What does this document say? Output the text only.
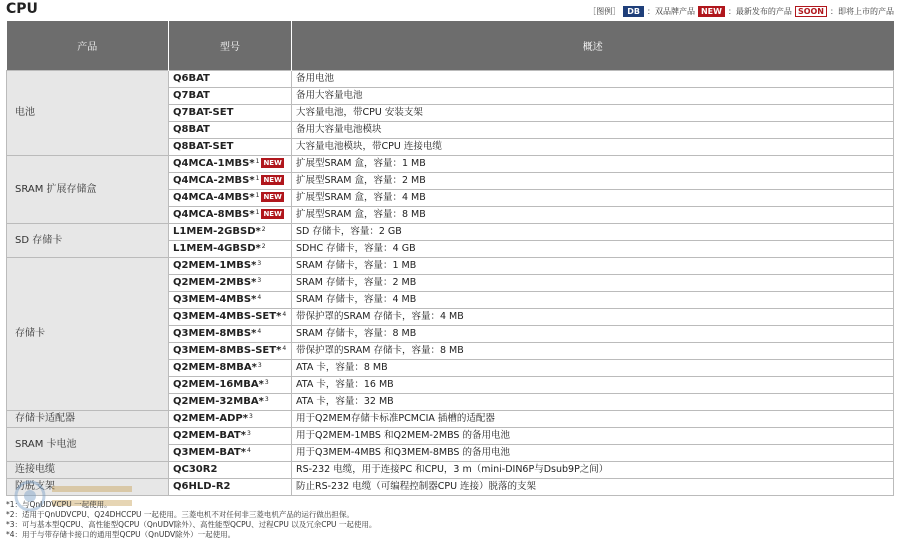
CPU	［图例］ DB ：双品牌产品 NEW ：最新发布的产品 SOON ：即将上市的产品
产品	型号	概述
电池	Q6BAT	备用电池
	Q7BAT	备用大容量电池
	Q7BAT-SET	大容量电池，带CPU 安装支架
	Q8BAT	备用大容量电池模块
	Q8BAT-SET	大容量电池模块，带CPU 连接电缆
SRAM 扩展存储盒	Q4MCA-1MBS*$^1$ NEW	扩展型SRAM 盒，容量：1 MB
	Q4MCA-2MBS*$^1$ NEW	扩展型SRAM 盒，容量：2 MB
	Q4MCA-4MBS*$^1$ NEW	扩展型SRAM 盒，容量：4 MB
	Q4MCA-8MBS*$^1$ NEW	扩展型SRAM 盒，容量：8 MB
SD 存储卡	L1MEM-2GBSD*$^2$	SD 存储卡，容量：2 GB
	L1MEM-4GBSD*$^2$	SDHC 存储卡，容量：4 GB
存储卡	Q2MEM-1MBS*$^3$	SRAM 存储卡，容量：1 MB
	Q2MEM-2MBS*$^3$	SRAM 存储卡，容量：2 MB
	Q3MEM-4MBS*$^4$	SRAM 存储卡，容量：4 MB
	Q3MEM-4MBS-SET*$^4$	带保护罩的SRAM 存储卡，容量：4 MB
	Q3MEM-8MBS*$^4$	SRAM 存储卡，容量：8 MB
	Q3MEM-8MBS-SET*$^4$	带保护罩的SRAM 存储卡，容量：8 MB
	Q2MEM-8MBA*$^3$	ATA 卡，容量：8 MB
	Q2MEM-16MBA*$^3$	ATA 卡，容量：16 MB
	Q2MEM-32MBA*$^3$	ATA 卡，容量：32 MB
存储卡适配器	Q2MEM-ADP*$^3$	用于Q2MEM存储卡标准PCMCIA 插槽的适配器
SRAM 卡电池	Q2MEM-BAT*$^3$	用于Q2MEM-1MBS 和Q2MEM-2MBS 的备用电池
	Q3MEM-BAT*$^4$	用于Q3MEM-4MBS 和Q3MEM-8MBS 的备用电池
连接电缆	QC30R2	RS-232 电缆，用于连接PC 和CPU，3 m（mini-DIN6P与Dsub9P之间）
防脱支架	Q6HLD-R2	防止RS-232 电缆（可编程控制器CPU 连接）脱落的支架
*1：与QnUDVCPU 一起使用。
*2：适用于QnUDVCPU、Q24DHCCPU 一起使用。三菱电机不对任何非三菱电机产品的运行做出担保。
*3：可与基本型QCPU、高性能型QCPU（QnUDV除外）、高性能型QCPU、过程CPU 以及冗余CPU 一起使用。
*4：用于与带存储卡接口的通用型QCPU（QnUDV除外）一起使用。
